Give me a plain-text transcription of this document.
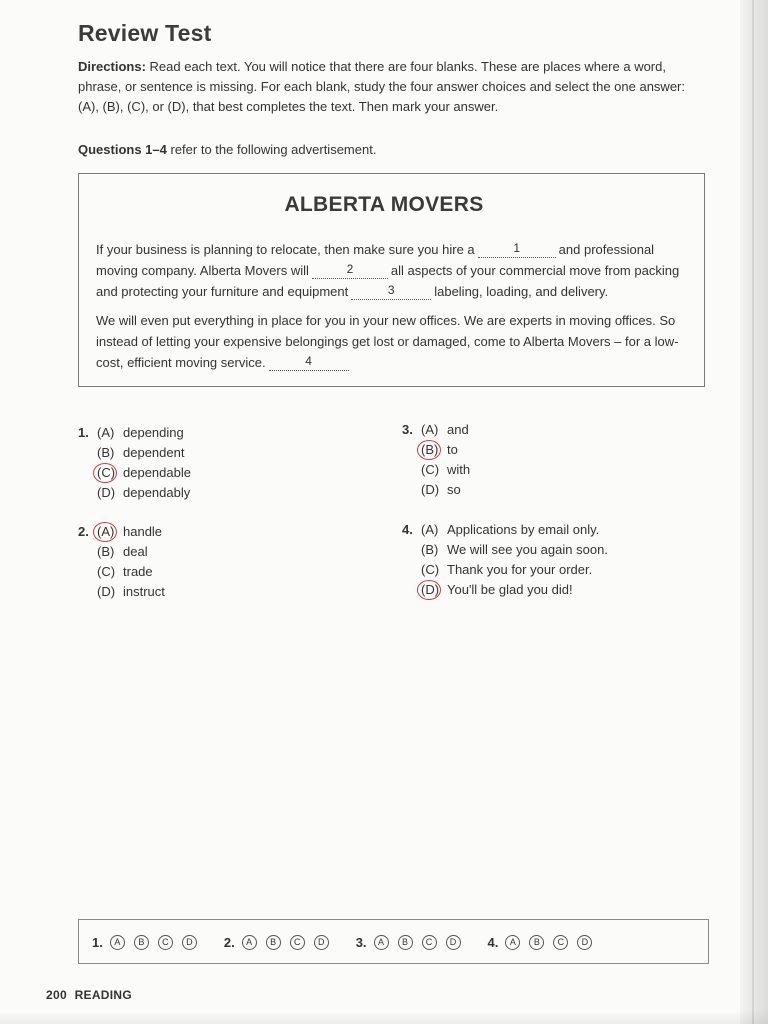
Review Test
Directions: Read each text. You will notice that there are four blanks. These are places where a word, phrase, or sentence is missing. For each blank, study the four answer choices and select the one answer: (A), (B), (C), or (D), that best completes the text. Then mark your answer.
Questions 1–4 refer to the following advertisement.
ALBERTA MOVERS
If your business is planning to relocate, then make sure you hire a	1	and professional moving company. Alberta Movers will	2	all aspects of your commercial move from packing and protecting your furniture and equipment	3	labeling, loading, and delivery.
We will even put everything in place for you in your new offices. We are experts in moving offices. So instead of letting your expensive belongings get lost or damaged, come to Alberta Movers – for a low-cost, efficient moving service.	4
1. (A) depending
(B) dependent
(C) dependable
(D) dependably
2. (A) handle
(B) deal
(C) trade
(D) instruct
3. (A) and
(B) to
(C) with
(D) so
4. (A) Applications by email only.
(B) We will see you again soon.
(C) Thank you for your order.
(D) You'll be glad you did!
1.	A	B	C	D	2.	A	B	C	D	3.	A	B	C	D	4.	A	B	C	D
200 READING
